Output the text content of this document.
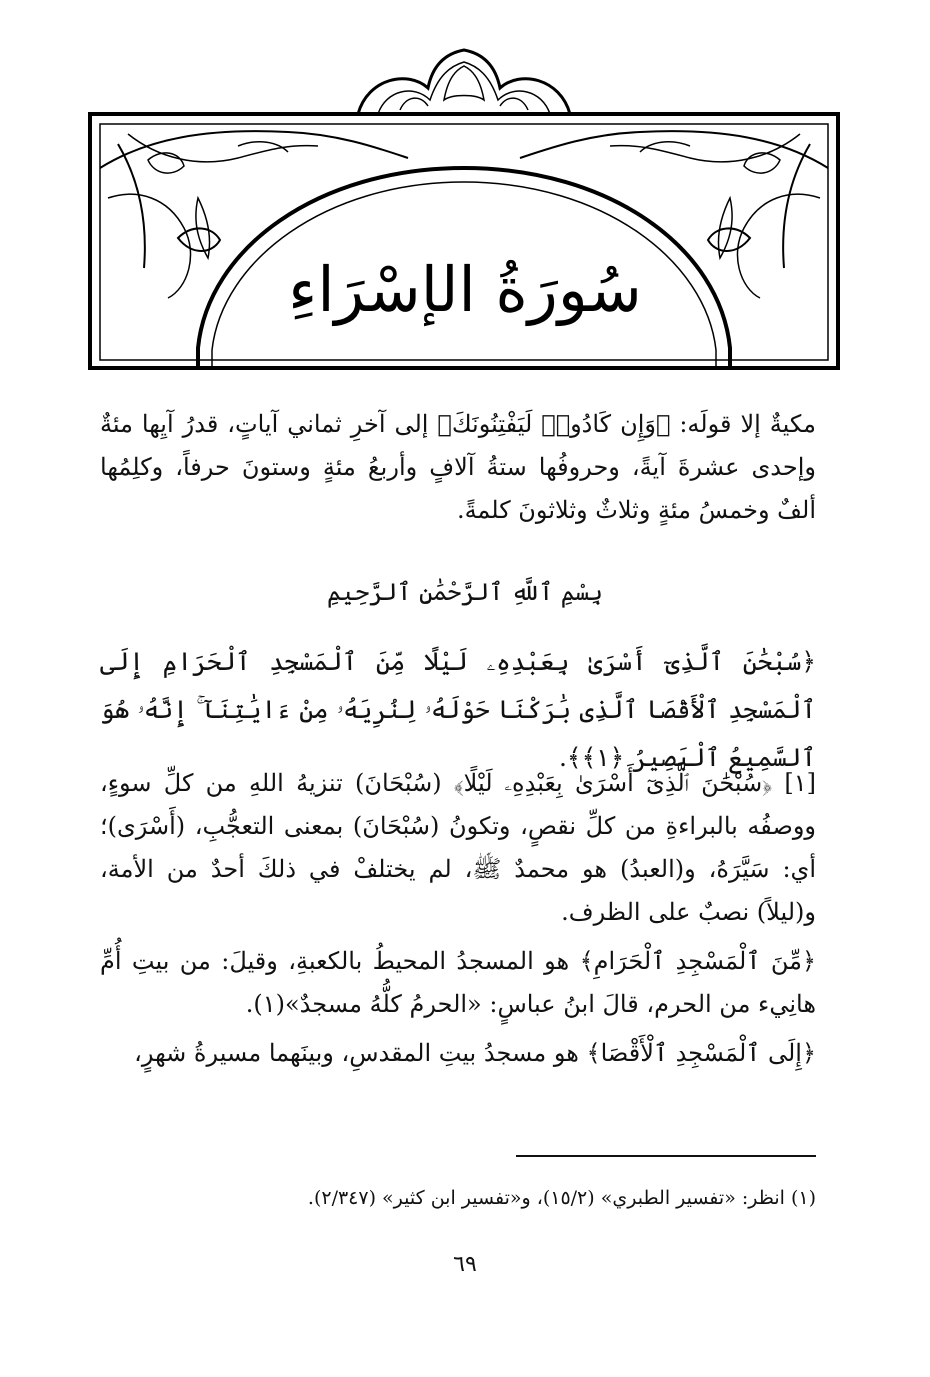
سُورَةُ الإسْرَاءِ

مكيةٌ إلا قولَه: ﴿وَإِن كَادُوا۟ لَيَفْتِنُونَكَ﴾ إلى آخرِ ثماني آياتٍ، قدرُ آيِها مئةٌ وإحدى عشرةَ آيةً، وحروفُها ستةُ آلافٍ وأربعُ مئةٍ وستونَ حرفاً، وكلِمُها ألفٌ وخمسُ مئةٍ وثلاثٌ وثلاثونَ كلمةً.

بِسْمِ ٱللَّهِ ٱلرَّحْمَٰنِ ٱلرَّحِيمِ

﴿سُبْحَٰنَ ٱلَّذِىٓ أَسْرَىٰ بِعَبْدِهِۦ لَيْلًا مِّنَ ٱلْمَسْجِدِ ٱلْحَرَامِ إِلَى ٱلْمَسْجِدِ ٱلْأَقْصَا ٱلَّذِى بَٰرَكْنَا حَوْلَهُۥ لِنُرِيَهُۥ مِنْ ءَايَٰتِنَآ ۚ إِنَّهُۥ هُوَ ٱلسَّمِيعُ ٱلْبَصِيرُ ﴿١﴾﴾.

[١] ﴿سُبْحَٰنَ ٱلَّذِىٓ أَسْرَىٰ بِعَبْدِهِۦ لَيْلًا﴾ (سُبْحَانَ) تنزيهُ اللهِ من كلِّ سوءٍ، ووصفُه بالبراءةِ من كلِّ نقصٍ، وتكونُ (سُبْحَانَ) بمعنى التعجُّبِ، (أَسْرَى)؛ أي: سَيَّرَهُ، و(العبدُ) هو محمدٌ ﷺ، لم يختلفْ في ذلكَ أحدٌ من الأمة، و(ليلاً) نصبٌ على الظرف.

﴿مِّنَ ٱلْمَسْجِدِ ٱلْحَرَامِ﴾ هو المسجدُ المحيطُ بالكعبةِ، وقيلَ: من بيتِ أُمِّ هانِيء من الحرم، قالَ ابنُ عباسٍ: «الحرمُ كلُّهُ مسجدٌ»(١).

﴿إِلَى ٱلْمَسْجِدِ ٱلْأَقْصَا﴾ هو مسجدُ بيتِ المقدسِ، وبينَهما مسيرةُ شهرٍ،

(١) انظر: «تفسير الطبري» (١٥/٢)، و«تفسير ابن كثير» (٢/٣٤٧).
٦٩
